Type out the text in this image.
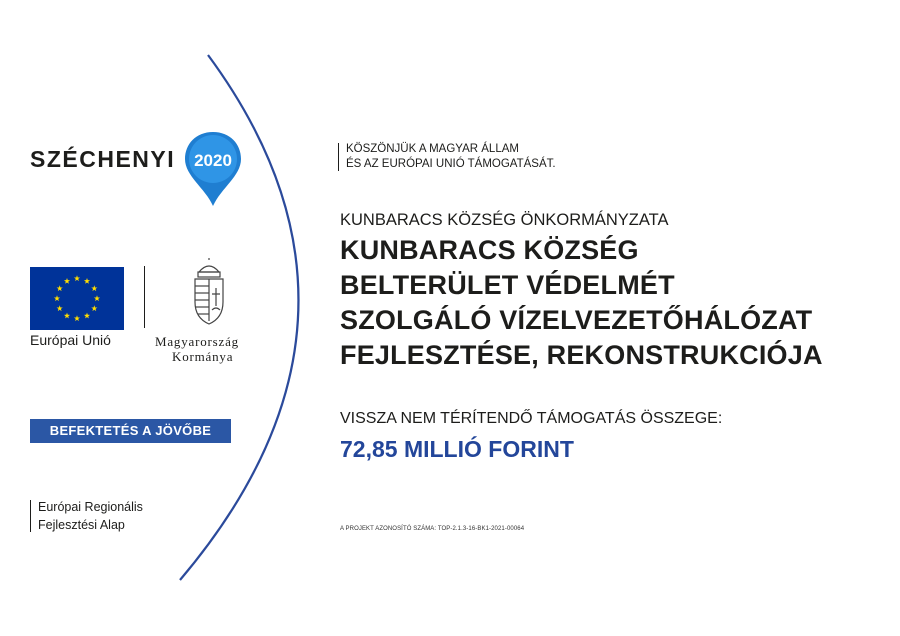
SZÉCHENYI 2020
Európai Unió	Magyarország
Kormánya
BEFEKTETÉS A JÖVŐBE
Európai Regionális
Fejlesztési Alap
KÖSZÖNJÜK A MAGYAR ÁLLAM
ÉS AZ EURÓPAI UNIÓ TÁMOGATÁSÁT.
KUNBARACS KÖZSÉG ÖNKORMÁNYZATA
KUNBARACS KÖZSÉG
BELTERÜLET VÉDELMÉT
SZOLGÁLÓ VÍZELVEZETŐHÁLÓZAT
FEJLESZTÉSE, REKONSTRUKCIÓJA
VISSZA NEM TÉRÍTENDŐ TÁMOGATÁS ÖSSZEGE:
72,85 MILLIÓ FORINT
A PROJEKT AZONOSÍTÓ SZÁMA: TOP-2.1.3-16-BK1-2021-00064
